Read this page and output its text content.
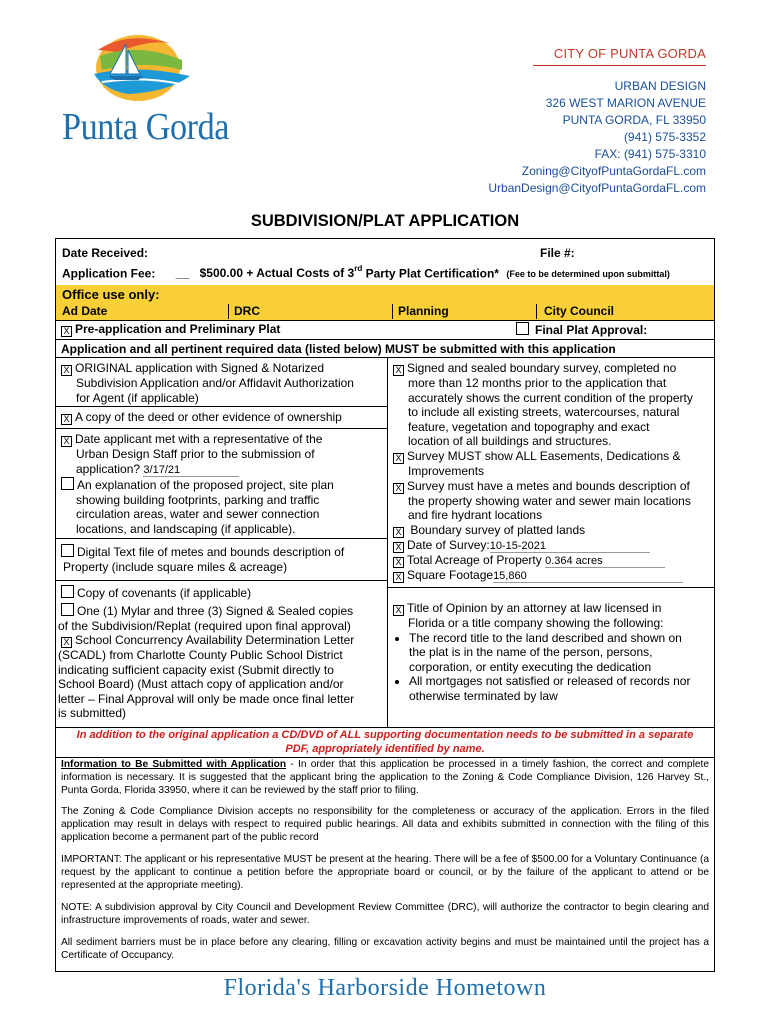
Punta Gorda
CITY OF PUNTA GORDA
URBAN DESIGN
326 WEST MARION AVENUE
PUNTA GORDA, FL 33950
(941) 575-3352
FAX: (941) 575-3310
Zoning@CityofPuntaGordaFL.com
UrbanDesign@CityofPuntaGordaFL.com
SUBDIVISION/PLAT APPLICATION
Date Received:	File #:
Application Fee: __ $500.00 + Actual Costs of 3rd Party Plat Certification* (Fee to be determined upon submittal)
Office use only:
Ad Date	DRC	Planning	City Council
X Pre-application and Preliminary Plat	Final Plat Approval:
Application and all pertinent required data (listed below) MUST be submitted with this application
X ORIGINAL application with Signed & Notarized
Subdivision Application and/or Affidavit Authorization
for Agent (if applicable)
X A copy of the deed or other evidence of ownership
X Date applicant met with a representative of the
Urban Design Staff prior to the submission of
application? 3/17/21
An explanation of the proposed project, site plan
showing building footprints, parking and traffic
circulation areas, water and sewer connection
locations, and landscaping (if applicable).
Digital Text file of metes and bounds description of
Property (include square miles & acreage)
Copy of covenants (if applicable)
One (1) Mylar and three (3) Signed & Sealed copies
of the Subdivision/Replat (required upon final approval)
X School Concurrency Availability Determination Letter
(SCADL) from Charlotte County Public School District
indicating sufficient capacity exist (Submit directly to
School Board) (Must attach copy of application and/or
letter – Final Approval will only be made once final letter
is submitted)
X Signed and sealed boundary survey, completed no
more than 12 months prior to the application that
accurately shows the current condition of the property
to include all existing streets, watercourses, natural
feature, vegetation and topography and exact
location of all buildings and structures.
X Survey MUST show ALL Easements, Dedications &
Improvements
X Survey must have a metes and bounds description of
the property showing water and sewer main locations
and fire hydrant locations
X Boundary survey of platted lands
X Date of Survey:10-15-2021
X Total Acreage of Property 0.364 acres
X Square Footage15,860
X Title of Opinion by an attorney at law licensed in
Florida or a title company showing the following:
• The record title to the land described and shown on
the plat is in the name of the person, persons,
corporation, or entity executing the dedication
• All mortgages not satisfied or released of records nor
otherwise terminated by law
In addition to the original application a CD/DVD of ALL supporting documentation needs to be submitted in a separate
PDF, appropriately identified by name.
Information to Be Submitted with Application - In order that this application be processed in a timely fashion, the correct and complete information is necessary. It is suggested that the applicant bring the application to the Zoning & Code Compliance Division, 126 Harvey St., Punta Gorda, Florida 33950, where it can be reviewed by the staff prior to filing.
The Zoning & Code Compliance Division accepts no responsibility for the completeness or accuracy of the application. Errors in the filed application may result in delays with respect to required public hearings. All data and exhibits submitted in connection with the filing of this application become a permanent part of the public record
IMPORTANT: The applicant or his representative MUST be present at the hearing. There will be a fee of $500.00 for a Voluntary Continuance (a request by the applicant to continue a petition before the appropriate board or council, or by the failure of the applicant to attend or be represented at the appropriate meeting).
NOTE: A subdivision approval by City Council and Development Review Committee (DRC), will authorize the contractor to begin clearing and infrastructure improvements of roads, water and sewer.
All sediment barriers must be in place before any clearing, filling or excavation activity begins and must be maintained until the project has a Certificate of Occupancy.
Florida's Harborside Hometown
